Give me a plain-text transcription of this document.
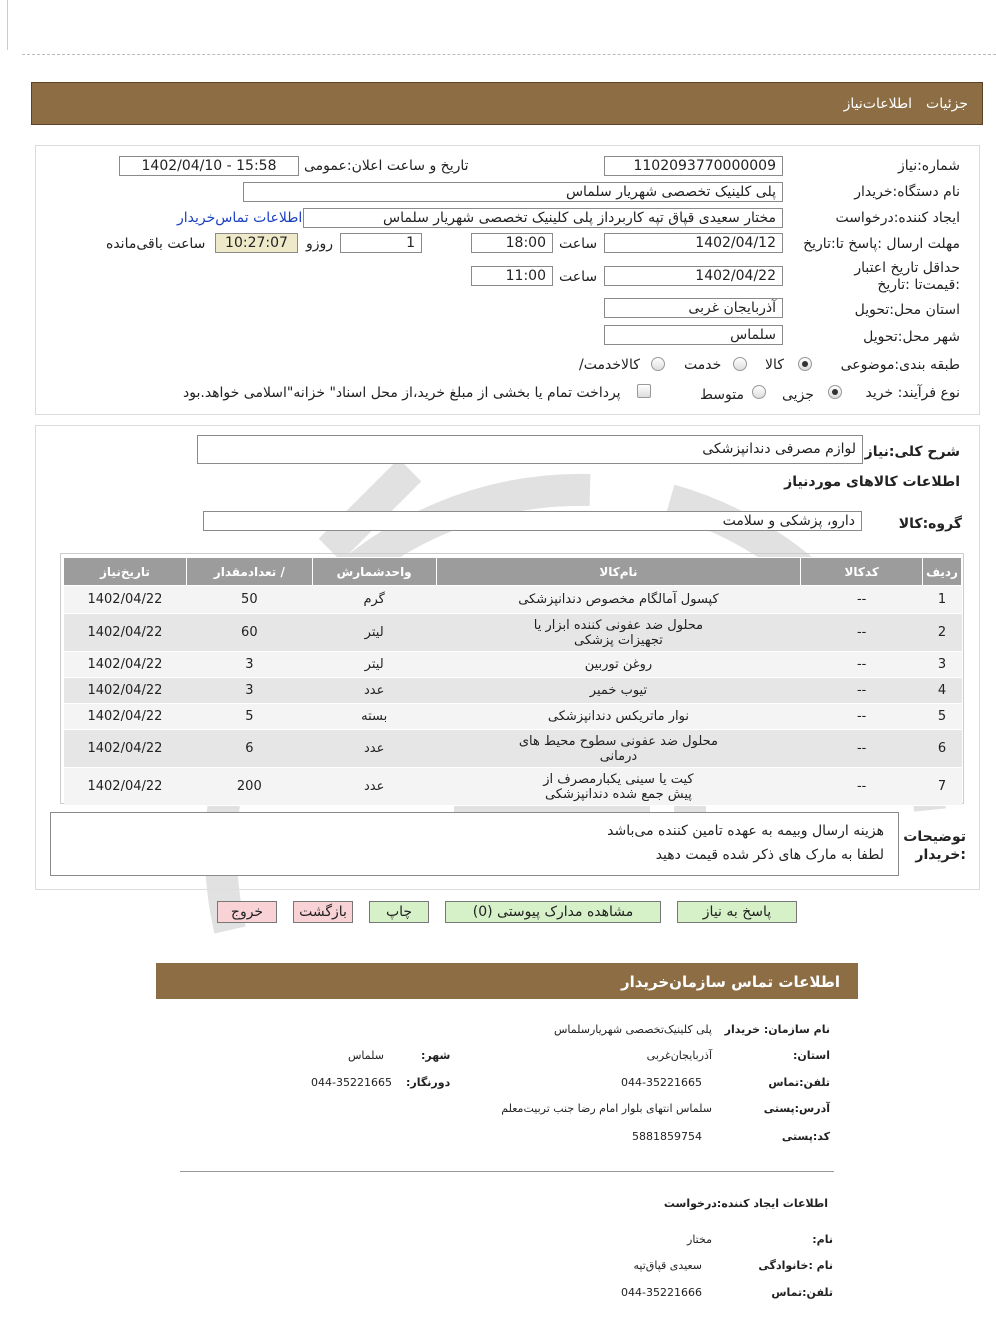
جزئیات
اطلاعات‌نیاز
شماره:نیاز
1102093770000009
تاریخ و ساعت اعلان:عمومی
1402/04/10 - 15:58
نام دستگاه:خریدار
پلی کلینیک تخصصی شهریار سلماس
ایجاد کننده:درخواست
مختار سعیدی قپاق تپه کاربرداز پلی کلینیک تخصصی شهریار سلماس
اطلاعات تماس‌خریدار
مهلت ارسال :پاسخ تا:تاریخ
1402/04/12
ساعت
18:00
1
روزو
10:27:07
ساعت باقی‌مانده
حداقل تاریخ اعتبار :قیمت‌تا :تاریخ
1402/04/22
ساعت
11:00
استان محل:تحویل
آذربایجان غربی
شهر محل:تحویل
سلماس
طبقه بندی:موضوعی
کالا
خدمت
/کالاخدمت
نوع فرآیند: خرید
جزیی
متوسط
پرداخت تمام یا بخشی از مبلغ خرید،از محل اسناد" خزانه"اسلامی خواهد.بود
شرح کلی:نیاز
لوازم مصرفی دندانپزشکی
اطلاعات کالاهای موردنیاز
گروه:کالا
دارو، پزشکی و سلامت
ردیف	کدکالا	نام‌کالا	واحدشمارش	/ تعدادمقدار	تاریخ‌نیاز
1	--	کپسول آمالگام مخصوص دندانپزشکی	گرم	50	1402/04/22
2	--	محلول ضد عفونی کننده ابزار یا تجهیزات پزشکی	لیتر	60	1402/04/22
3	--	روغن توربین	لیتر	3	1402/04/22
4	--	تیوب خمیر	عدد	3	1402/04/22
5	--	نوار ماتریکس دندانپزشکی	بسته	5	1402/04/22
6	--	محلول ضد عفونی سطوح محیط های درمانی	عدد	6	1402/04/22
7	--	کیت یا سینی یکبارمصرف از پیش جمع شده دندانپزشکی	عدد	200	1402/04/22
توضیحات :خریدار
هزینه ارسال وبیمه به عهده تامین کننده می‌باشد
لطفا به مارک های ذکر شده قیمت دهید
پاسخ به نیاز
مشاهده مدارک پیوستی (0)
چاپ
بازگشت
خروج
اطلاعات تماس سازمان‌خریدار
نام سازمان: خریدار
پلی کلینیک‌تخصصی شهریار‌سلماس
:استان
آذربایجان‌غربی
:شهر
سلماس
تلفن:تماس
044-35221665
:دورنگار
044-35221665
آدرس:پستی
سلماس انتهای بلوار امام رضا جنب تربیت‌معلم
کد:پستی
5881859754
اطلاعات ایجاد کننده:درخواست
:نام
مختار
نام :خانوادگی
سعیدی قپاق‌تپه
تلفن:تماس
044-35221666
